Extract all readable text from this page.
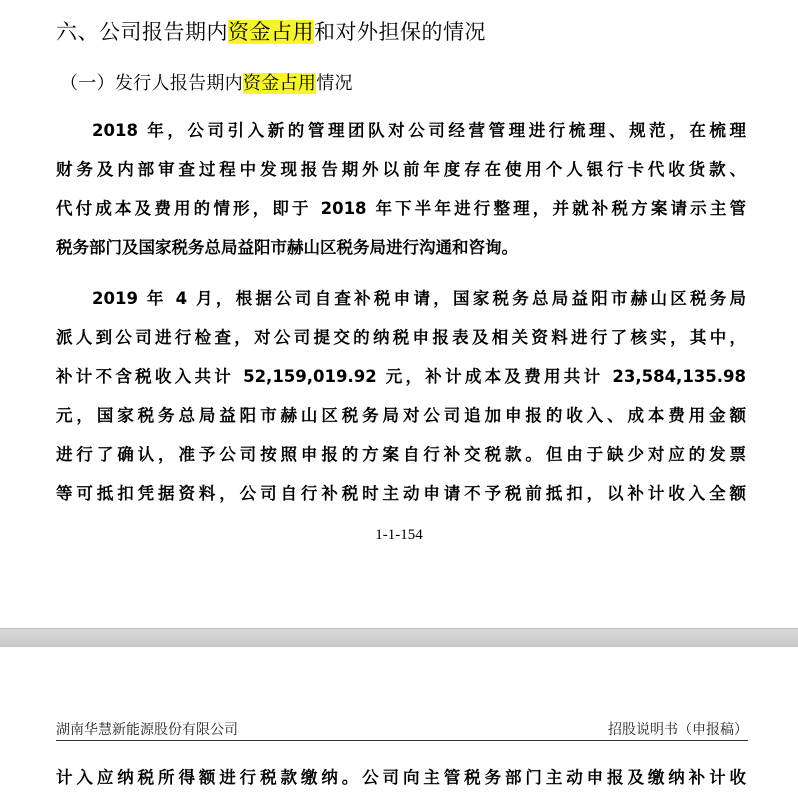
六、公司报告期内资金占用和对外担保的情况
（一）发行人报告期内资金占用情况
2018 年，公司引入新的管理团队对公司经营管理进行梳理、规范，在梳理
财务及内部审查过程中发现报告期外以前年度存在使用个人银行卡代收货款、
代付成本及费用的情形，即于 2018 年下半年进行整理，并就补税方案请示主管
税务部门及国家税务总局益阳市赫山区税务局进行沟通和咨询。
2019 年 4 月，根据公司自查补税申请，国家税务总局益阳市赫山区税务局
派人到公司进行检查，对公司提交的纳税申报表及相关资料进行了核实，其中，
补计不含税收入共计 52,159,019.92 元，补计成本及费用共计 23,584,135.98
元，国家税务总局益阳市赫山区税务局对公司追加申报的收入、成本费用金额
进行了确认，准予公司按照申报的方案自行补交税款。但由于缺少对应的发票
等可抵扣凭据资料，公司自行补税时主动申请不予税前抵扣，以补计收入全额
1-1-154
湖南华慧新能源股份有限公司	招股说明书（申报稿）
计入应纳税所得额进行税款缴纳。公司向主管税务部门主动申报及缴纳补计收
